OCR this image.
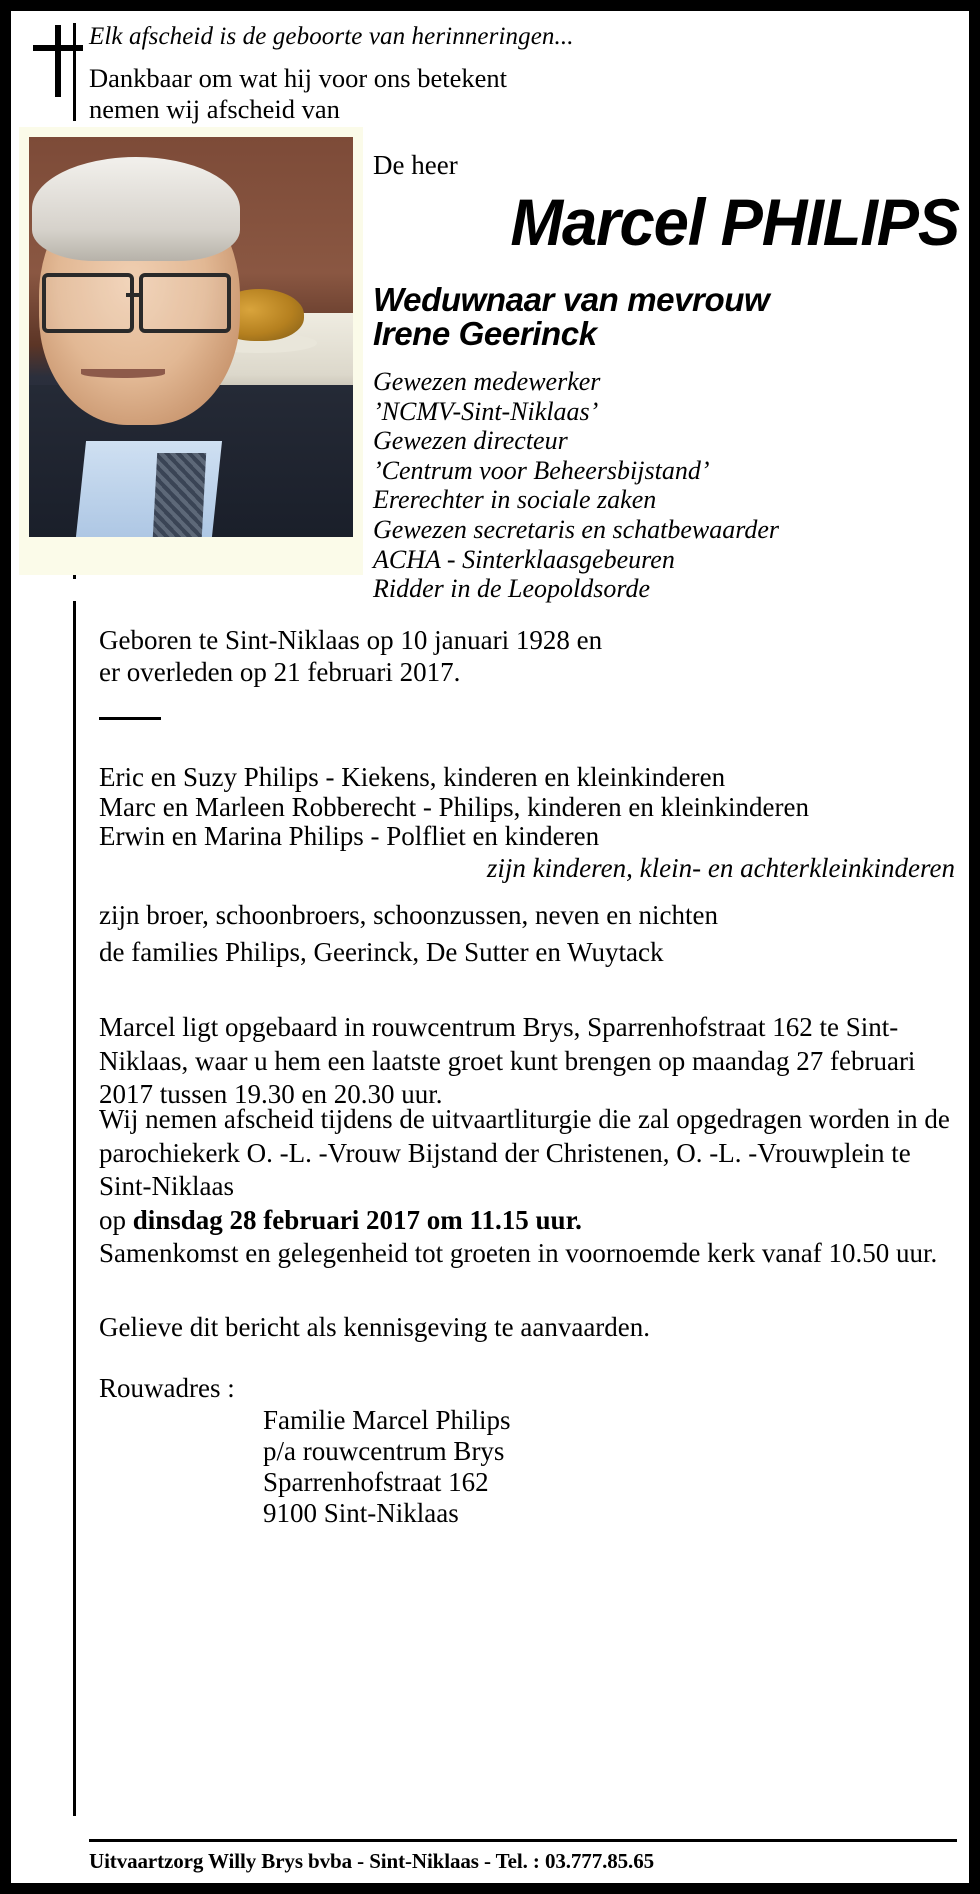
Elk afscheid is de geboorte van herinneringen...
Dankbaar om wat hij voor ons betekent
nemen wij afscheid van
De heer
Marcel PHILIPS
Weduwnaar van mevrouw
Irene Geerinck
Gewezen medewerker
’NCMV-Sint-Niklaas’
Gewezen directeur
’Centrum voor Beheersbijstand’
Ererechter in sociale zaken
Gewezen secretaris en schatbewaarder
ACHA - Sinterklaasgebeuren
Ridder in de Leopoldsorde
Geboren te Sint-Niklaas op 10 januari 1928 en
er overleden op 21 februari 2017.
Eric en Suzy Philips - Kiekens, kinderen en kleinkinderen
Marc en Marleen Robberecht - Philips, kinderen en kleinkinderen
Erwin en Marina Philips - Polfliet en kinderen
zijn kinderen, klein- en achterkleinkinderen
zijn broer, schoonbroers, schoonzussen, neven en nichten
de families Philips, Geerinck, De Sutter en Wuytack
Marcel ligt opgebaard in rouwcentrum Brys, Sparrenhofstraat 162 te Sint-Niklaas, waar u hem een laatste groet kunt brengen op maandag 27 februari 2017 tussen 19.30 en 20.30 uur.
Wij nemen afscheid tijdens de uitvaartliturgie die zal opgedragen worden in de parochiekerk O. -L. -Vrouw Bijstand der Christenen, O. -L. -Vrouwplein te Sint-Niklaas
op dinsdag 28 februari 2017 om 11.15 uur.
Samenkomst en gelegenheid tot groeten in voornoemde kerk vanaf 10.50 uur.
Gelieve dit bericht als kennisgeving te aanvaarden.
Rouwadres :
Familie Marcel Philips
p/a rouwcentrum Brys
Sparrenhofstraat 162
9100 Sint-Niklaas
Uitvaartzorg Willy Brys bvba - Sint-Niklaas - Tel. : 03.777.85.65
